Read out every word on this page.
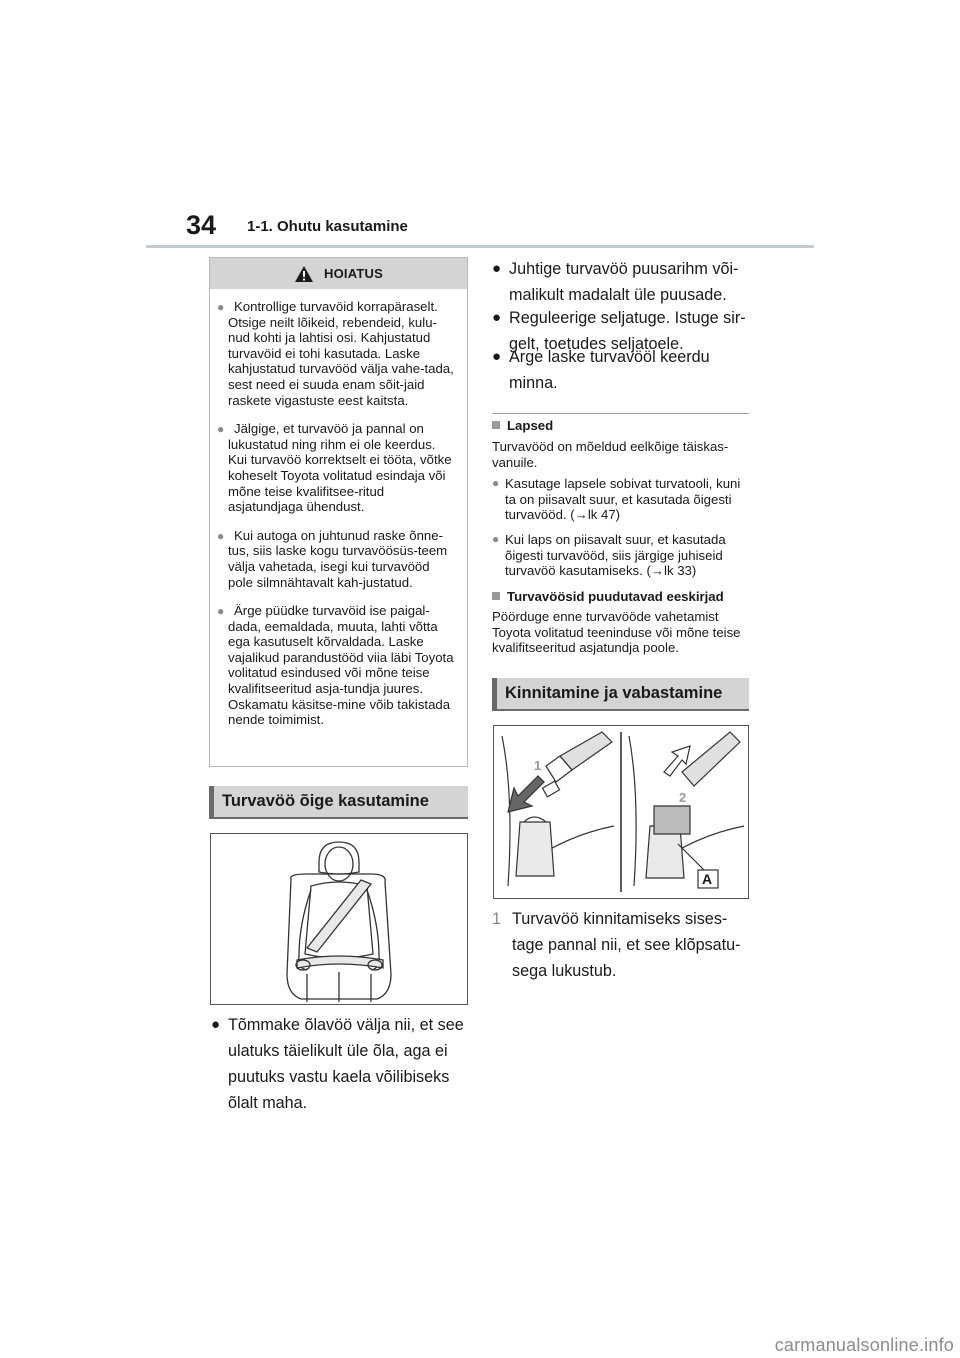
34 1-1. Ohutu kasutamine
HOIATUS
● Kontrollige turvavöid korrapäraselt. Otsige neilt lõikeid, rebendeid, kulu-nud kohti ja lahtisi osi. Kahjustatud turvavöid ei tohi kasutada. Laske kahjustatud turvavööd välja vahe-tada, sest need ei suuda enam sõit-jaid raskete vigastuste eest kaitsta.
● Jälgige, et turvavöö ja pannal on lukustatud ning rihm ei ole keerdus. Kui turvavöö korrektselt ei tööta, võtke koheselt Toyota volitatud esindaja või mõne teise kvalifitsee-ritud asjatundjaga ühendust.
● Kui autoga on juhtunud raske õnne-tus, siis laske kogu turvavöösüs-teem välja vahetada, isegi kui turvavööd pole silmnähtavalt kah-justatud.
● Ärge püüdke turvavöid ise paigal-dada, eemaldada, muuta, lahti võtta ega kasutuselt kõrvaldada. Laske vajalikud parandustööd viia läbi Toyota volitatud esindused või mõne teise kvalifitseeritud asja-tundja juures. Oskamatu käsitse-mine võib takistada nende toimimist.
Turvavöö õige kasutamine
● Tõmmake õlavöö välja nii, et see ulatuks täielikult üle õla, aga ei puutuks vastu kaela võilibiseks õlalt maha.
● Juhtige turvavöö puusarihm või-malikult madalalt üle puusade.
● Reguleerige seljatuge. Istuge sir-gelt, toetudes seljatoele.
● Ärge laske turvavööl keerdu minna.
Lapsed
Turvavööd on mõeldud eelkõige täiskas-vanuile.
● Kasutage lapsele sobivat turvatooli, kuni ta on piisavalt suur, et kasutada õigesti turvavööd. (→lk 47)
● Kui laps on piisavalt suur, et kasutada õigesti turvavööd, siis järgige juhiseid turvavöö kasutamiseks. (→lk 33)
Turvavöösid puudutavad eeskirjad
Pöörduge enne turvavööde vahetamist Toyota volitatud teeninduse või mõne teise kvalifitseeritud asjatundja poole.
Kinnitamine ja vabastamine
1
2
A
1 Turvavöö kinnitamiseks sises-tage pannal nii, et see klõpsatu-sega lukustub.
carmanualsonline.info
